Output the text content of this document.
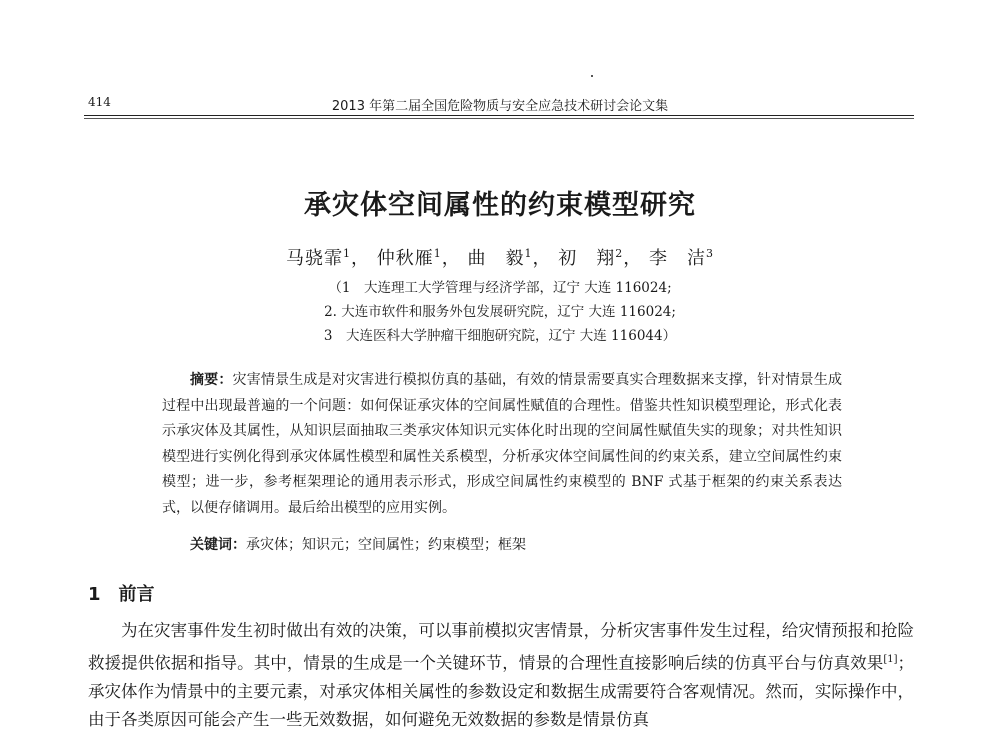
414	2013 年第二届全国危险物质与安全应急技术研讨会论文集
承灾体空间属性的约束模型研究
马骁霏$^1$， 仲秋雁$^1$， 曲　毅$^1$， 初　翔$^2$， 李　洁$^3$
（1　大连理工大学管理与经济学部，辽宁 大连 116024;
2. 大连市软件和服务外包发展研究院，辽宁 大连 116024;
3　大连医科大学肿瘤干细胞研究院，辽宁 大连 116044）
摘要：灾害情景生成是对灾害进行模拟仿真的基础，有效的情景需要真实合理数据来支撑，针对情景生成过程中出现最普遍的一个问题：如何保证承灾体的空间属性赋值的合理性。借鉴共性知识模型理论，形式化表示承灾体及其属性，从知识层面抽取三类承灾体知识元实体化时出现的空间属性赋值失实的现象；对共性知识模型进行实例化得到承灾体属性模型和属性关系模型，分析承灾体空间属性间的约束关系，建立空间属性约束模型；进一步，参考框架理论的通用表示形式，形成空间属性约束模型的 BNF 式基于框架的约束关系表达式，以便存储调用。最后给出模型的应用实例。
关键词：承灾体；知识元；空间属性；约束模型；框架
1 前言
为在灾害事件发生初时做出有效的决策，可以事前模拟灾害情景，分析灾害事件发生过程，给灾情预报和抢险救援提供依据和指导。其中，情景的生成是一个关键环节，情景的合理性直接影响后续的仿真平台与仿真效果[1]；承灾体作为情景中的主要元素，对承灾体相关属性的参数设定和数据生成需要符合客观情况。然而，实际操作中，由于各类原因可能会产生一些无效数据，如何避免无效数据的参数是情景仿真
